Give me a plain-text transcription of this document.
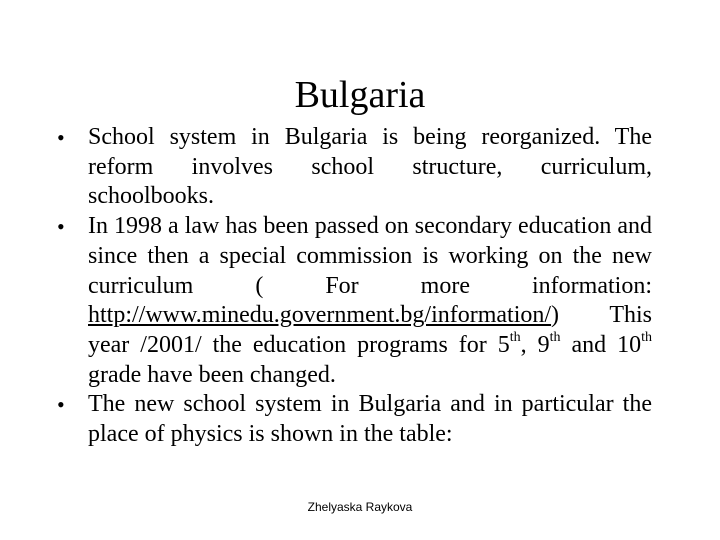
Bulgaria
• School system in Bulgaria is being reorganized. The reform involves school structure, curriculum, schoolbooks.
• In 1998 a law has been passed on secondary education and since then a special commission is working on the new curriculum ( For more information: http://www.minedu.government.bg/information/) This year /2001/ the education programs for 5th, 9th and 10th grade have been changed.
• The new school system in Bulgaria and in particular the place of physics is shown in the table:
Zhelyaska Raykova
